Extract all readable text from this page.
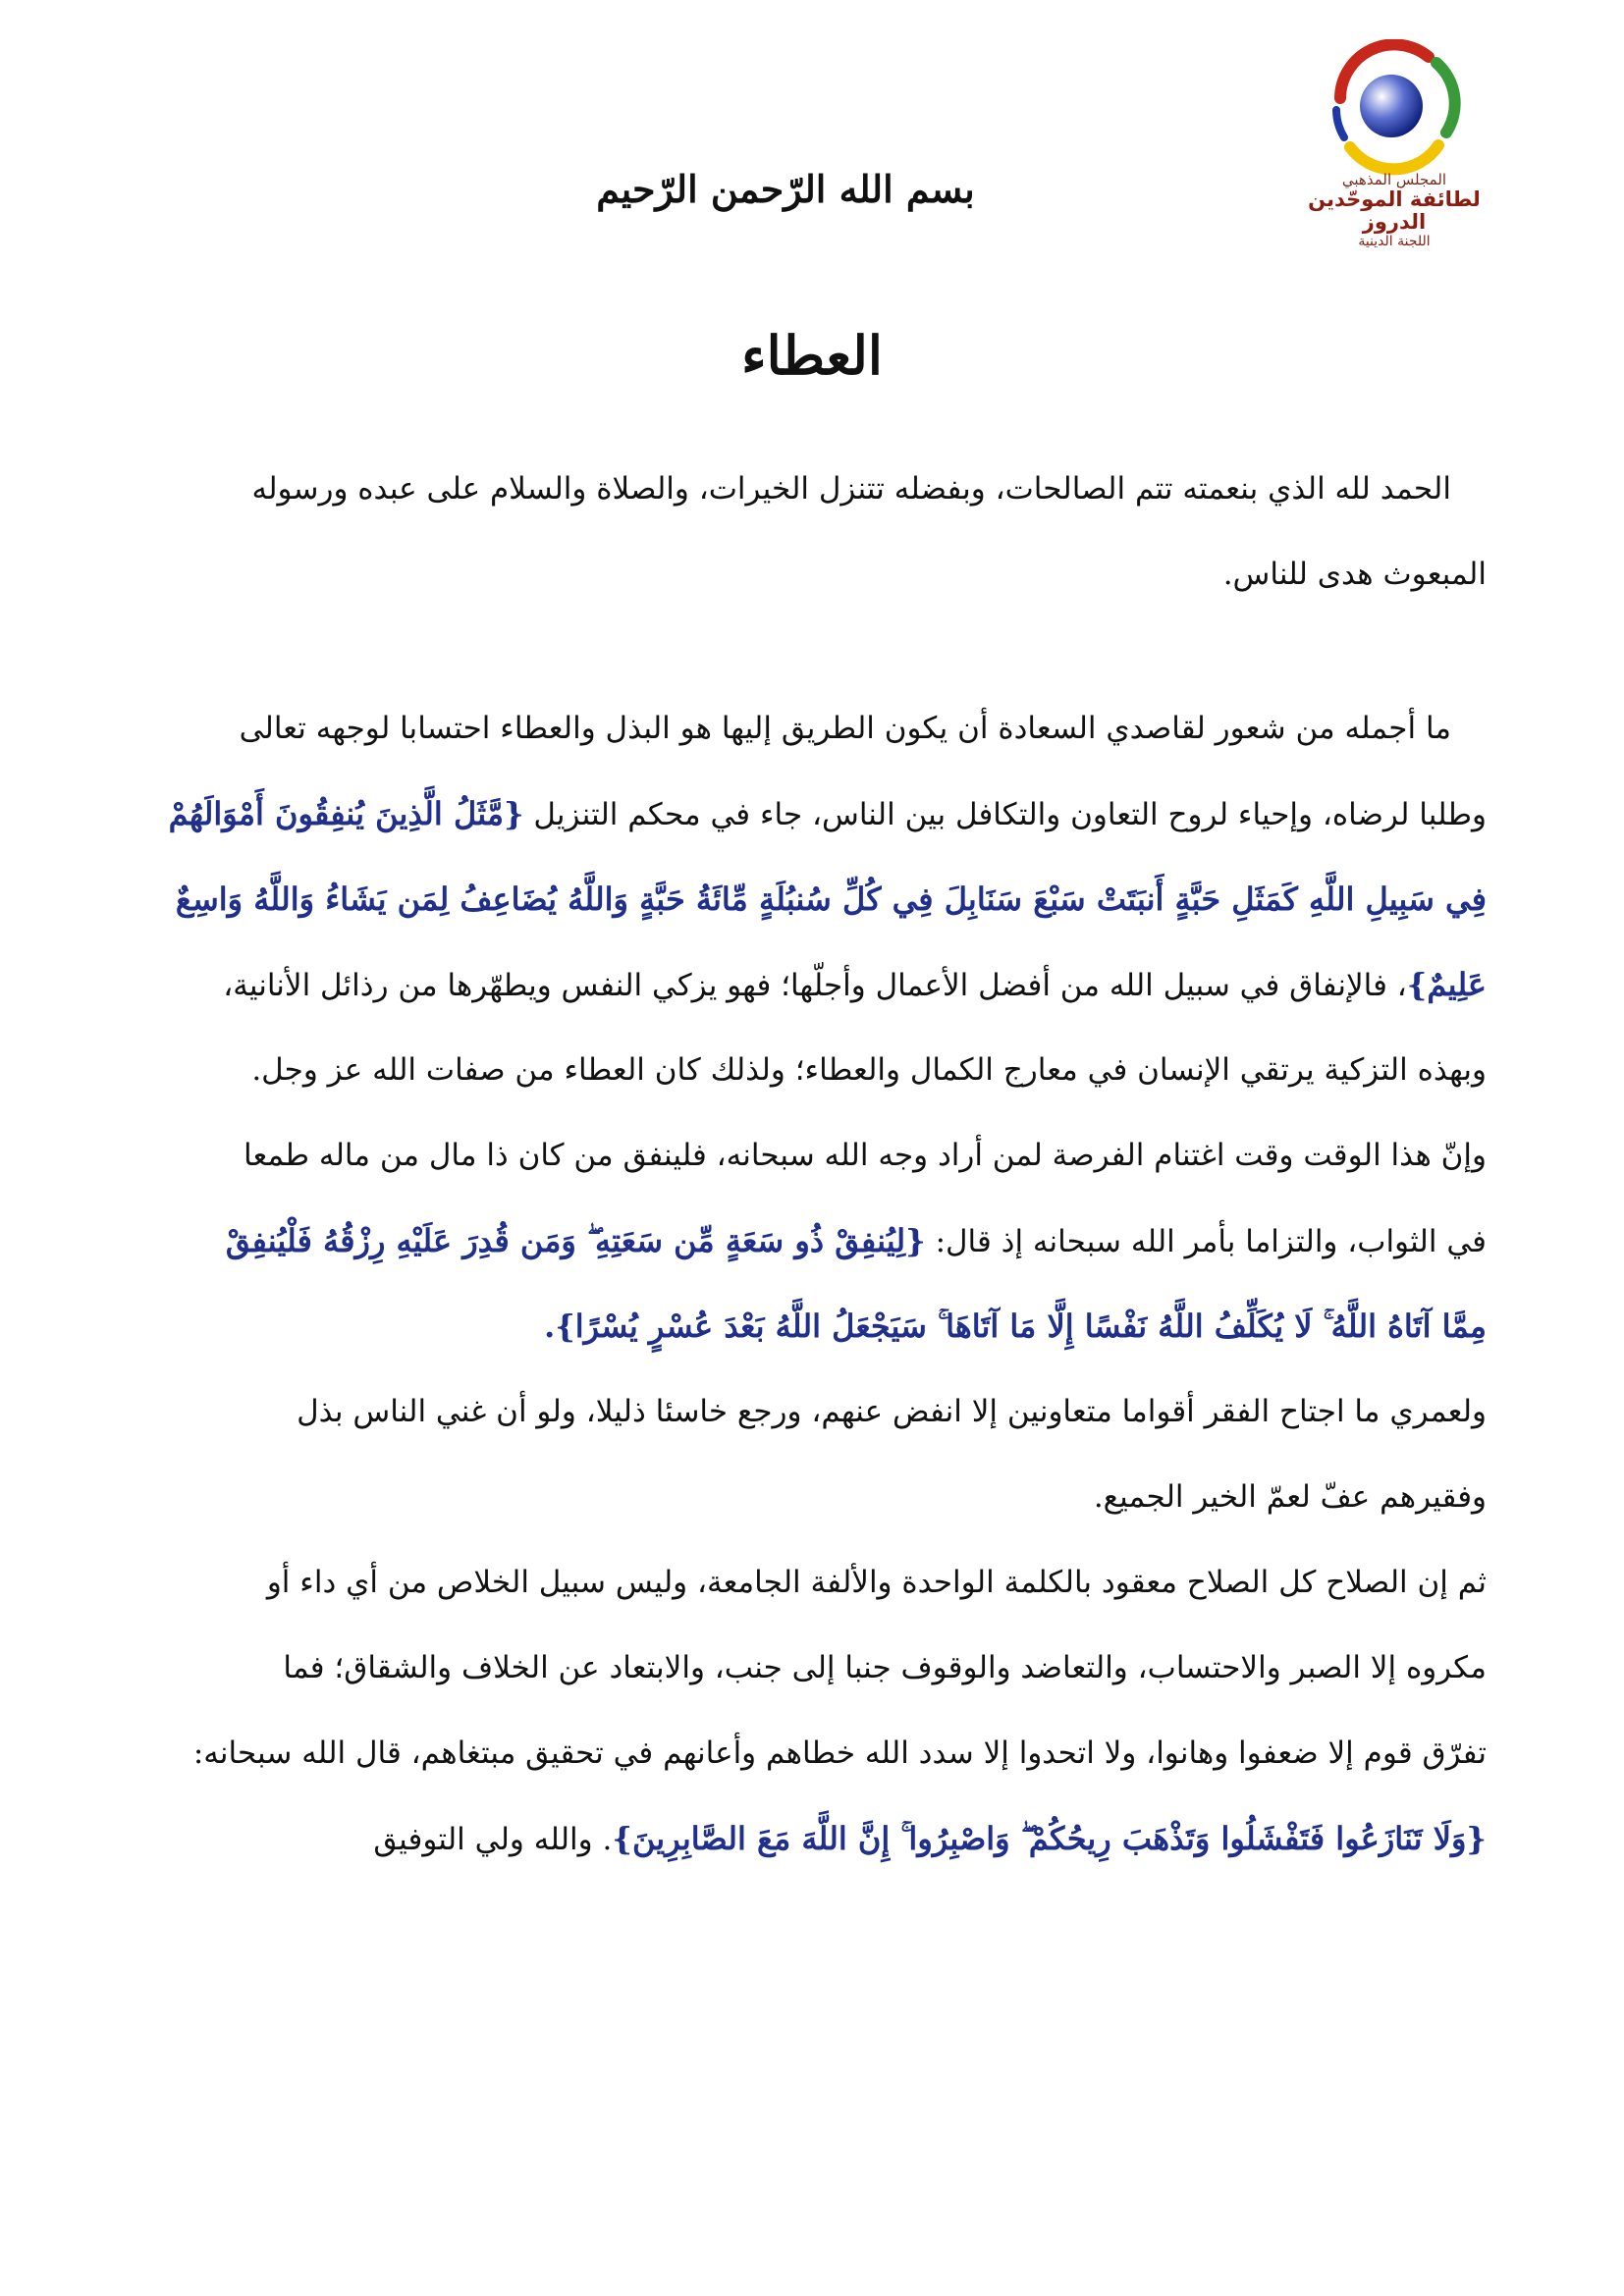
المجلس المذهبي
لطائفة الموحّدين الدروز
اللجنة الدينية
بسم الله الرّحمن الرّحيم
العطاء
الحمد لله الذي بنعمته تتم الصالحات، وبفضله تتنزل الخيرات، والصلاة والسلام على عبده ورسوله
المبعوث هدى للناس.
ما أجمله من شعور لقاصدي السعادة أن يكون الطريق إليها هو البذل والعطاء احتسابا لوجهه تعالى
وطلبا لرضاه، وإحياء لروح التعاون والتكافل بين الناس، جاء في محكم التنزيل {مَّثَلُ الَّذِينَ يُنفِقُونَ أَمْوَالَهُمْ
فِي سَبِيلِ اللَّهِ كَمَثَلِ حَبَّةٍ أَنبَتَتْ سَبْعَ سَنَابِلَ فِي كُلِّ سُنبُلَةٍ مِّائَةُ حَبَّةٍ وَاللَّهُ يُضَاعِفُ لِمَن يَشَاءُ وَاللَّهُ وَاسِعٌ
عَلِيمٌ}، فالإنفاق في سبيل الله من أفضل الأعمال وأجلّها؛ فهو يزكي النفس ويطهّرها من رذائل الأنانية،
وبهذه التزكية يرتقي الإنسان في معارج الكمال والعطاء؛ ولذلك كان العطاء من صفات الله عز وجل.
وإنّ هذا الوقت وقت اغتنام الفرصة لمن أراد وجه الله سبحانه، فلينفق من كان ذا مال من ماله طمعا
في الثواب، والتزاما بأمر الله سبحانه إذ قال: {لِيُنفِقْ ذُو سَعَةٍ مِّن سَعَتِهِ ۖ وَمَن قُدِرَ عَلَيْهِ رِزْقُهُ فَلْيُنفِقْ
مِمَّا آتَاهُ اللَّهُ ۚ لَا يُكَلِّفُ اللَّهُ نَفْسًا إِلَّا مَا آتَاهَا ۚ سَيَجْعَلُ اللَّهُ بَعْدَ عُسْرٍ يُسْرًا}.
ولعمري ما اجتاح الفقر أقواما متعاونين إلا انفض عنهم، ورجع خاسئا ذليلا، ولو أن غني الناس بذل
وفقيرهم عفّ لعمّ الخير الجميع.
ثم إن الصلاح كل الصلاح معقود بالكلمة الواحدة والألفة الجامعة، وليس سبيل الخلاص من أي داء أو
مكروه إلا الصبر والاحتساب، والتعاضد والوقوف جنبا إلى جنب، والابتعاد عن الخلاف والشقاق؛ فما
تفرّق قوم إلا ضعفوا وهانوا، ولا اتحدوا إلا سدد الله خطاهم وأعانهم في تحقيق مبتغاهم، قال الله سبحانه:
{وَلَا تَنَازَعُوا فَتَفْشَلُوا وَتَذْهَبَ رِيحُكُمْ ۖ وَاصْبِرُوا ۚ إِنَّ اللَّهَ مَعَ الصَّابِرِينَ}. والله ولي التوفيق
